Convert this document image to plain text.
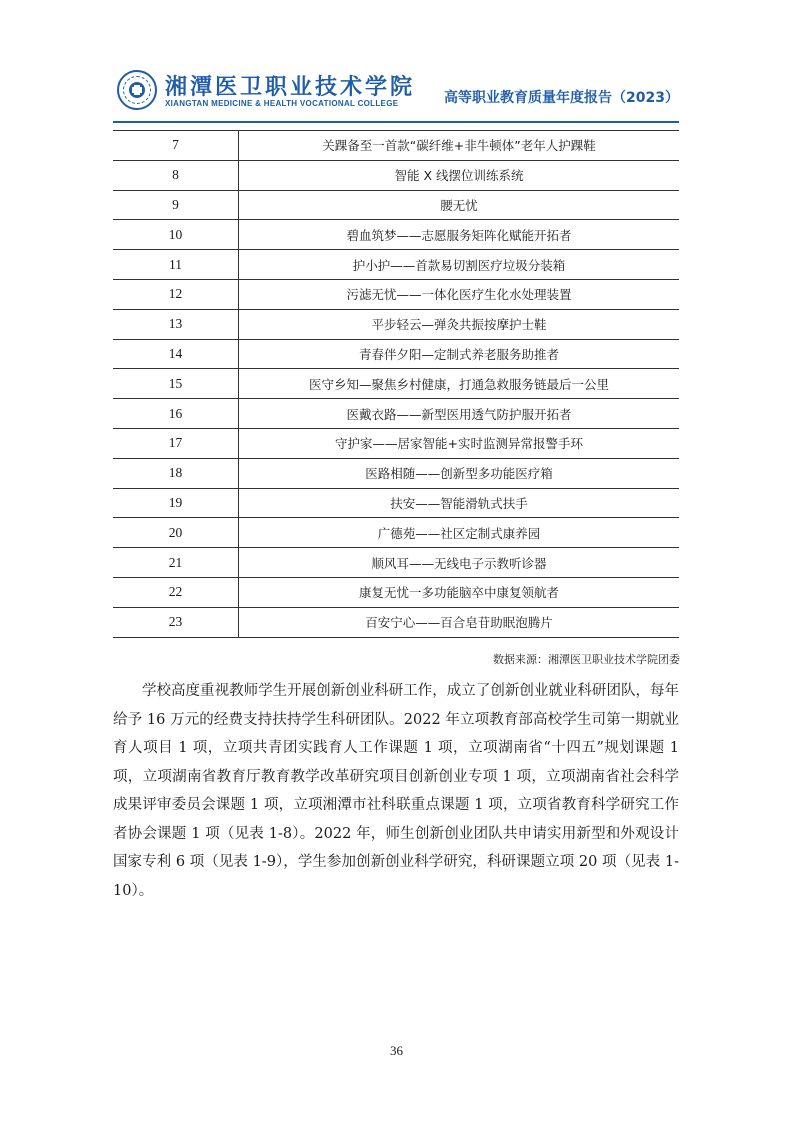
湘潭医卫职业技术学院
XIANGTAN MEDICINE & HEALTH VOCATIONAL COLLEGE	高等职业教育质量年度报告（2023）
7	关踝备至一首款“碳纤维+非牛顿体”老年人护踝鞋
8	智能 X 线摆位训练系统
9	腰无忧
10	碧血筑梦——志愿服务矩阵化赋能开拓者
11	护小护——首款易切割医疗垃圾分装箱
12	污滤无忧——一体化医疗生化水处理装置
13	平步轻云—弹灸共振按摩护士鞋
14	青春伴夕阳—定制式养老服务助推者
15	医守乡知—聚焦乡村健康，打通急救服务链最后一公里
16	医戴衣路——新型医用透气防护服开拓者
17	守护家——居家智能+实时监测异常报警手环
18	医路相随——创新型多功能医疗箱
19	扶安——智能滑轨式扶手
20	广德苑——社区定制式康养园
21	顺风耳——无线电子示教听诊器
22	康复无忧一多功能脑卒中康复领航者
23	百安宁心——百合皂苷助眠泡腾片
数据来源：湘潭医卫职业技术学院团委

学校高度重视教师学生开展创新创业科研工作，成立了创新创业就业科研团队，每年给予 16 万元的经费支持扶持学生科研团队。2022 年立项教育部高校学生司第一期就业育人项目 1 项，立项共青团实践育人工作课题 1 项，立项湖南省“十四五”规划课题 1 项，立项湖南省教育厅教育教学改革研究项目创新创业专项 1 项，立项湖南省社会科学成果评审委员会课题 1 项，立项湘潭市社科联重点课题 1 项，立项省教育科学研究工作者协会课题 1 项（见表 1-8）。2022 年，师生创新创业团队共申请实用新型和外观设计国家专利 6 项（见表 1-9），学生参加创新创业科学研究，科研课题立项 20 项（见表 1-10）。

36
